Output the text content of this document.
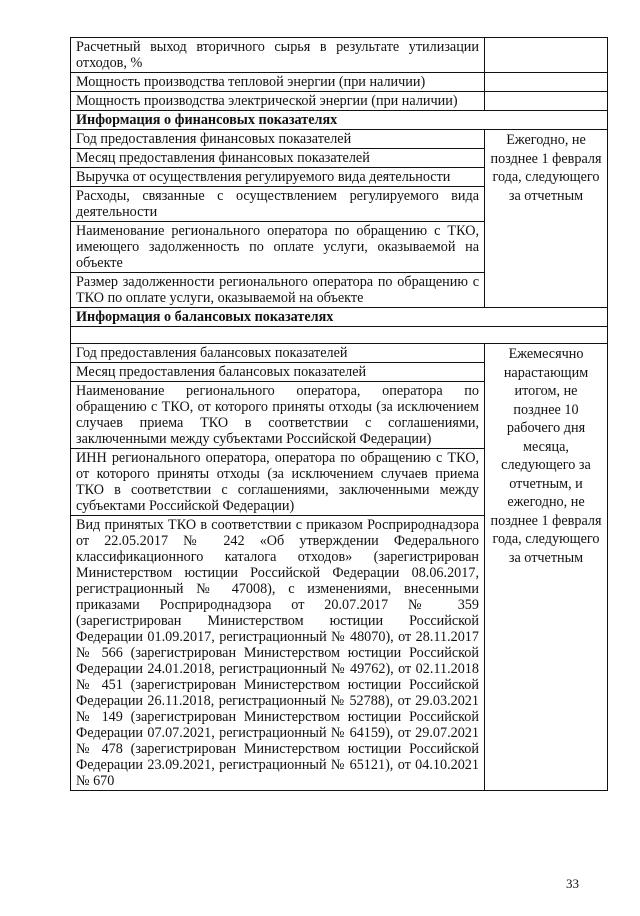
Расчетный выход вторичного сырья в результате утилизации отходов, %	
Мощность производства тепловой энергии (при наличии)	
Мощность производства электрической энергии (при наличии)	
Информация о финансовых показателях	
Год предоставления финансовых показателей	Ежегодно, не позднее 1 февраля года, следующего за отчетным
Месяц предоставления финансовых показателей	
Выручка от осуществления регулируемого вида деятельности	
Расходы, связанные с осуществлением регулируемого вида деятельности	
Наименование регионального оператора по обращению с ТКО, имеющего задолженность по оплате услуги, оказываемой на объекте	
Размер задолженности регионального оператора по обращению с ТКО по оплате услуги, оказываемой на объекте	
Информация о балансовых показателях	

Год предоставления балансовых показателей	Ежемесячно нарастающим итогом, не позднее 10 рабочего дня месяца, следующего за отчетным, и ежегодно, не позднее 1 февраля года, следующего за отчетным
Месяц предоставления балансовых показателей	
Наименование регионального оператора, оператора по обращению с ТКО, от которого приняты отходы (за исключением случаев приема ТКО в соответствии с соглашениями, заключенными между субъектами Российской Федерации)	
ИНН регионального оператора, оператора по обращению с ТКО, от которого приняты отходы (за исключением случаев приема ТКО в соответствии с соглашениями, заключенными между субъектами Российской Федерации)	
Вид принятых ТКО в соответствии с приказом Росприроднадзора от 22.05.2017 № 242 «Об утверждении Федерального классификационного каталога отходов» (зарегистрирован Министерством юстиции Российской Федерации 08.06.2017, регистрационный № 47008), с изменениями, внесенными приказами Росприроднадзора от 20.07.2017 № 359 (зарегистрирован Министерством юстиции Российской Федерации 01.09.2017, регистрационный № 48070), от 28.11.2017 № 566 (зарегистрирован Министерством юстиции Российской Федерации 24.01.2018, регистрационный № 49762), от 02.11.2018 № 451 (зарегистрирован Министерством юстиции Российской Федерации 26.11.2018, регистрационный № 52788), от 29.03.2021 № 149 (зарегистрирован Министерством юстиции Российской Федерации 07.07.2021, регистрационный № 64159), от 29.07.2021 № 478 (зарегистрирован Министерством юстиции Российской Федерации 23.09.2021, регистрационный № 65121), от 04.10.2021 № 670	
33
